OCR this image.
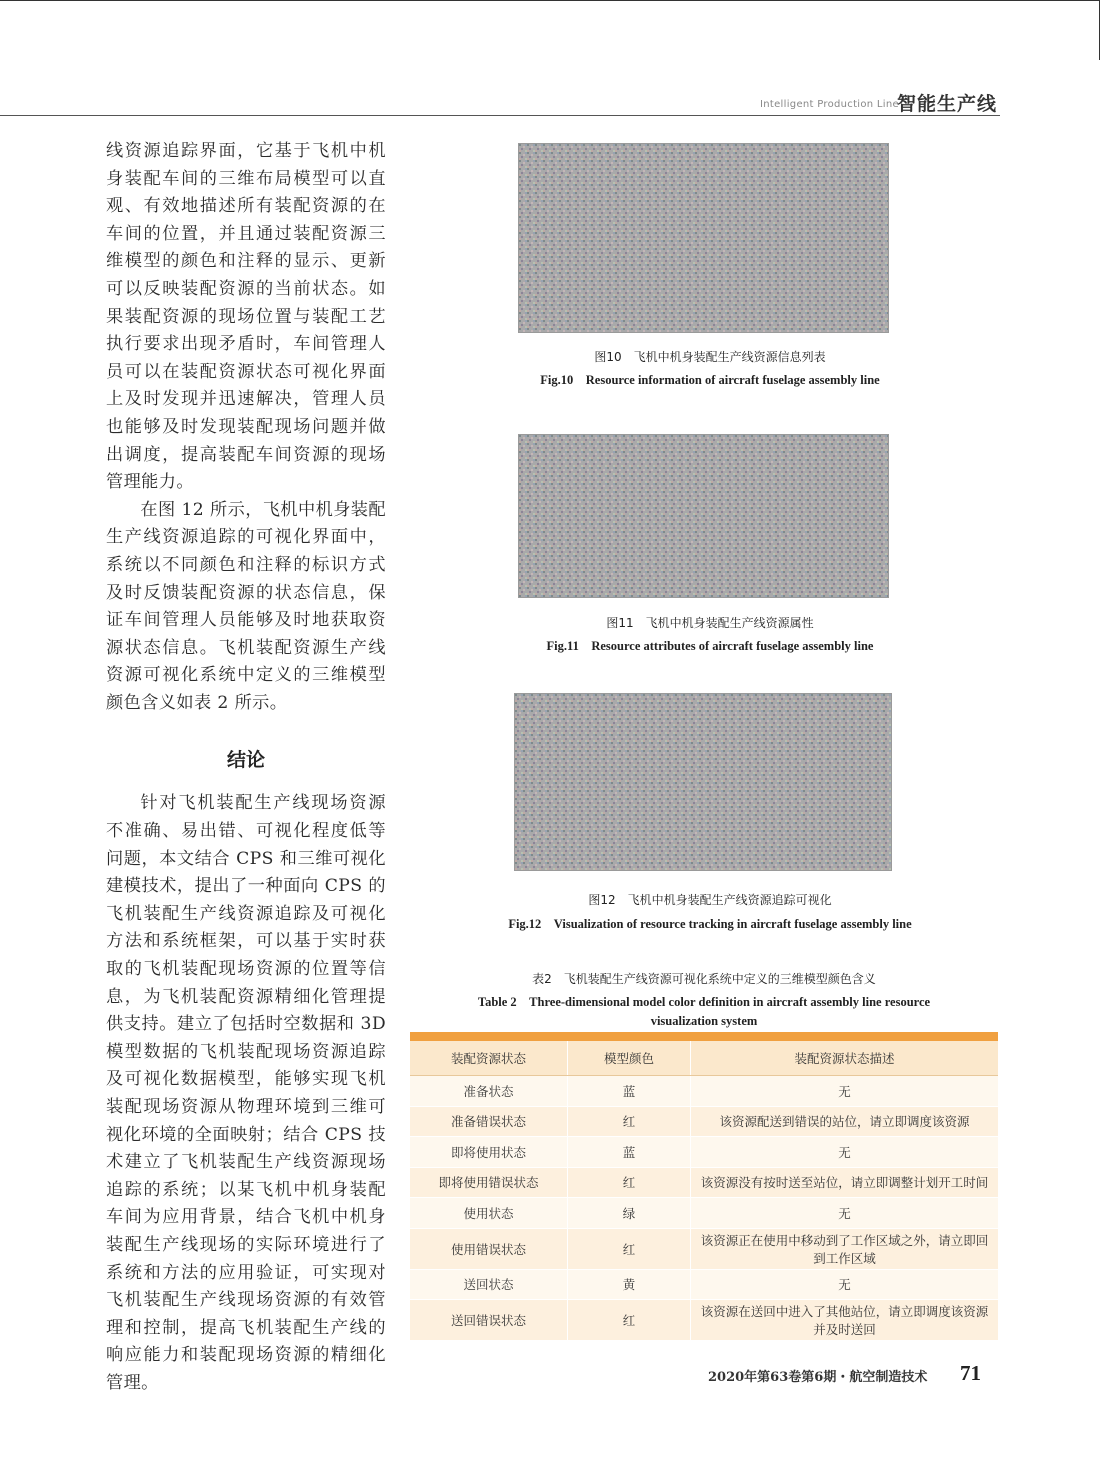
Intelligent Production Line
智能生产线

线资源追踪界面，它基于飞机中机身装配车间的三维布局模型可以直观、有效地描述所有装配资源的在车间的位置，并且通过装配资源三维模型的颜色和注释的显示、更新可以反映装配资源的当前状态。如果装配资源的现场位置与装配工艺执行要求出现矛盾时，车间管理人员可以在装配资源状态可视化界面上及时发现并迅速解决，管理人员也能够及时发现装配现场问题并做出调度，提高装配车间资源的现场管理能力。

在图 12 所示，飞机中机身装配生产线资源追踪的可视化界面中，系统以不同颜色和注释的标识方式及时反馈装配资源的状态信息，保证车间管理人员能够及时地获取资源状态信息。飞机装配资源生产线资源可视化系统中定义的三维模型颜色含义如表 2 所示。

结论

针对飞机装配生产线现场资源不准确、易出错、可视化程度低等问题，本文结合 CPS 和三维可视化建模技术，提出了一种面向 CPS 的飞机装配生产线资源追踪及可视化方法和系统框架，可以基于实时获取的飞机装配现场资源的位置等信息，为飞机装配资源精细化管理提供支持。建立了包括时空数据和 3D 模型数据的飞机装配现场资源追踪及可视化数据模型，能够实现飞机装配现场资源从物理环境到三维可视化环境的全面映射；结合 CPS 技术建立了飞机装配生产线资源现场追踪的系统；以某飞机中机身装配车间为应用背景，结合飞机中机身装配生产线现场的实际环境进行了系统和方法的应用验证，可实现对飞机装配生产线现场资源的有效管理和控制，提高飞机装配生产线的响应能力和装配现场资源的精细化管理。

图10　飞机中机身装配生产线资源信息列表
Fig.10　Resource information of aircraft fuselage assembly line
图11　飞机中机身装配生产线资源属性
Fig.11　Resource attributes of aircraft fuselage assembly line
图12　飞机中机身装配生产线资源追踪可视化
Fig.12　Visualization of resource tracking in aircraft fuselage assembly line
表2　飞机装配生产线资源可视化系统中定义的三维模型颜色含义
Table 2　Three-dimensional model color definition in aircraft assembly line resource
visualization system

装配资源状态	模型颜色	装配资源状态描述
准备状态	蓝	无
准备错误状态	红	该资源配送到错误的站位，请立即调度该资源
即将使用状态	蓝	无
即将使用错误状态	红	该资源没有按时送至站位，请立即调整计划开工时间
使用状态	绿	无
使用错误状态	红	该资源正在使用中移动到了工作区域之外，请立即回到工作区域
送回状态	黄	无
送回错误状态	红	该资源在送回中进入了其他站位，请立即调度该资源并及时送回
2020年第63卷第6期・航空制造技术 71
